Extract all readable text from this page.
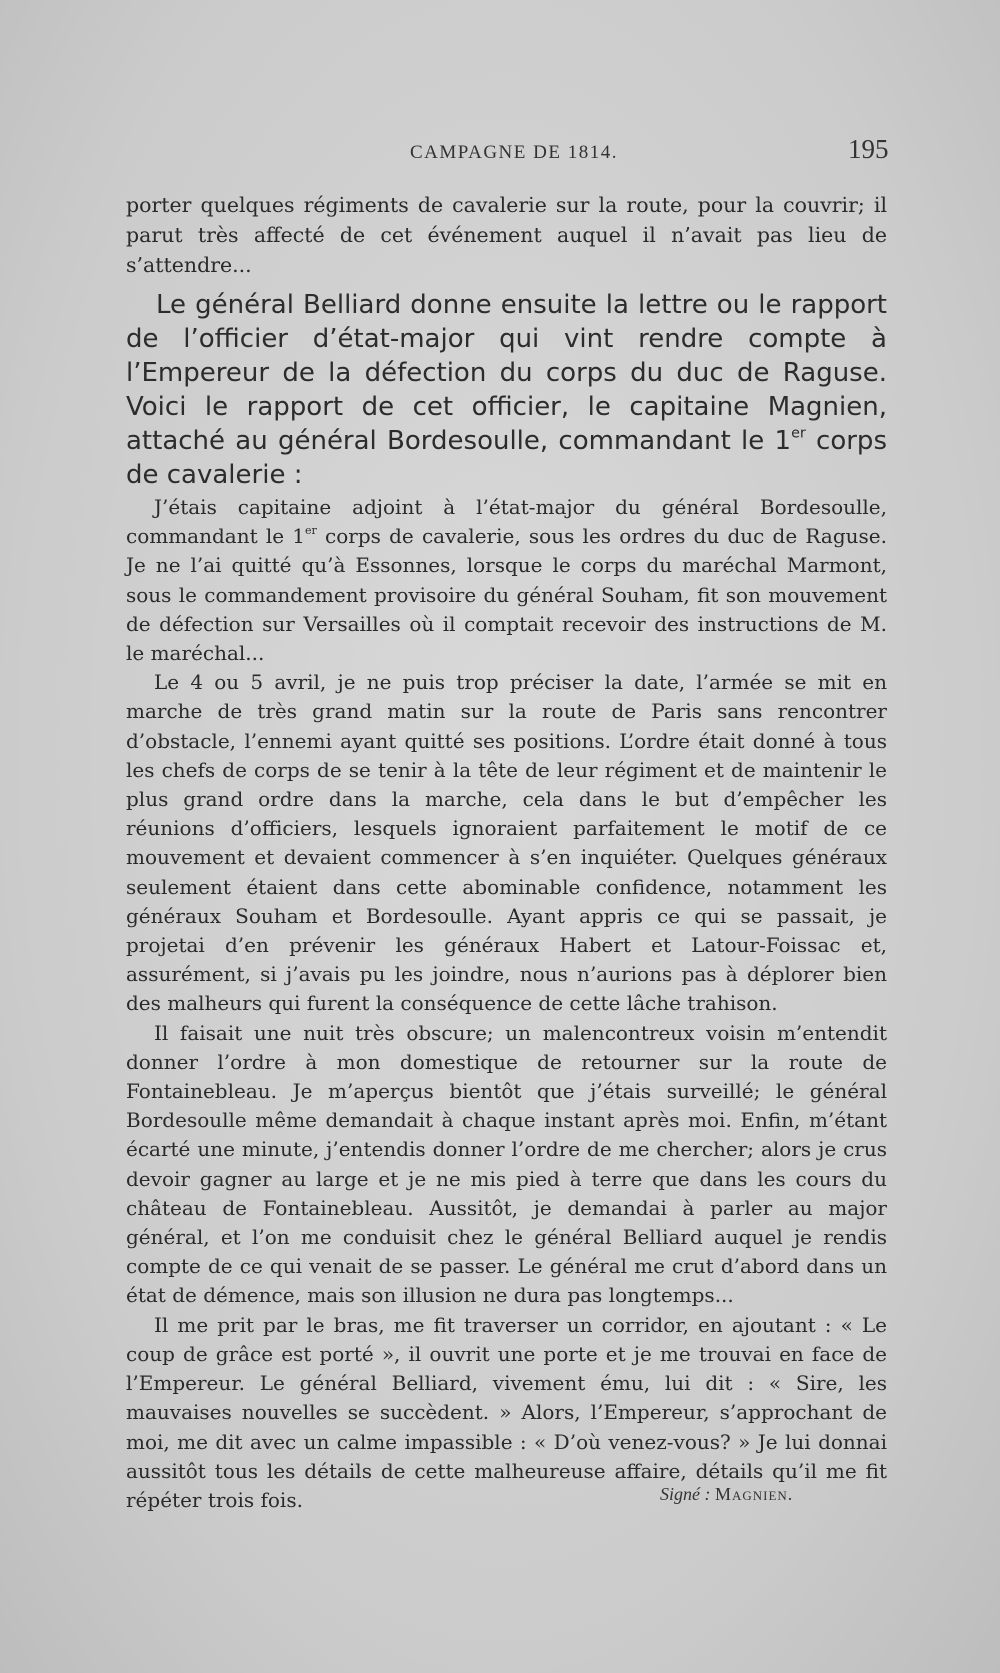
CAMPAGNE DE 1814.	195

porter quelques régiments de cavalerie sur la route, pour la couvrir; il parut très affecté de cet événement auquel il n’avait pas lieu de s’attendre...

Le général Belliard donne ensuite la lettre ou le rapport de l’officier d’état-major qui vint rendre compte à l’Empereur de la défection du corps du duc de Raguse. Voici le rapport de cet officier, le capitaine Magnien, attaché au général Bordesoulle, commandant le 1er corps de cavalerie :

J’étais capitaine adjoint à l’état-major du général Bordesoulle, commandant le 1er corps de cavalerie, sous les ordres du duc de Raguse. Je ne l’ai quitté qu’à Essonnes, lorsque le corps du maréchal Marmont, sous le commandement provisoire du général Souham, fit son mouvement de défection sur Versailles où il comptait recevoir des instructions de M. le maréchal...

Le 4 ou 5 avril, je ne puis trop préciser la date, l’armée se mit en marche de très grand matin sur la route de Paris sans rencontrer d’obstacle, l’ennemi ayant quitté ses positions. L’ordre était donné à tous les chefs de corps de se tenir à la tête de leur régiment et de maintenir le plus grand ordre dans la marche, cela dans le but d’empêcher les réunions d’officiers, lesquels ignoraient parfaitement le motif de ce mouvement et devaient commencer à s’en inquiéter. Quelques généraux seulement étaient dans cette abominable confidence, notamment les généraux Souham et Bordesoulle. Ayant appris ce qui se passait, je projetai d’en prévenir les généraux Habert et Latour-Foissac et, assurément, si j’avais pu les joindre, nous n’aurions pas à déplorer bien des malheurs qui furent la conséquence de cette lâche trahison.

Il faisait une nuit très obscure; un malencontreux voisin m’entendit donner l’ordre à mon domestique de retourner sur la route de Fontainebleau. Je m’aperçus bientôt que j’étais surveillé; le général Bordesoulle même demandait à chaque instant après moi. Enfin, m’étant écarté une minute, j’entendis donner l’ordre de me chercher; alors je crus devoir gagner au large et je ne mis pied à terre que dans les cours du château de Fontainebleau. Aussitôt, je demandai à parler au major général, et l’on me conduisit chez le général Belliard auquel je rendis compte de ce qui venait de se passer. Le général me crut d’abord dans un état de démence, mais son illusion ne dura pas longtemps...

Il me prit par le bras, me fit traverser un corridor, en ajoutant : « Le coup de grâce est porté », il ouvrit une porte et je me trouvai en face de l’Empereur. Le général Belliard, vivement ému, lui dit : « Sire, les mauvaises nouvelles se succèdent. » Alors, l’Empereur, s’approchant de moi, me dit avec un calme impassible : « D’où venez-vous? » Je lui donnai aussitôt tous les détails de cette malheureuse affaire, détails qu’il me fit répéter trois fois.	Signé : Magnien.
